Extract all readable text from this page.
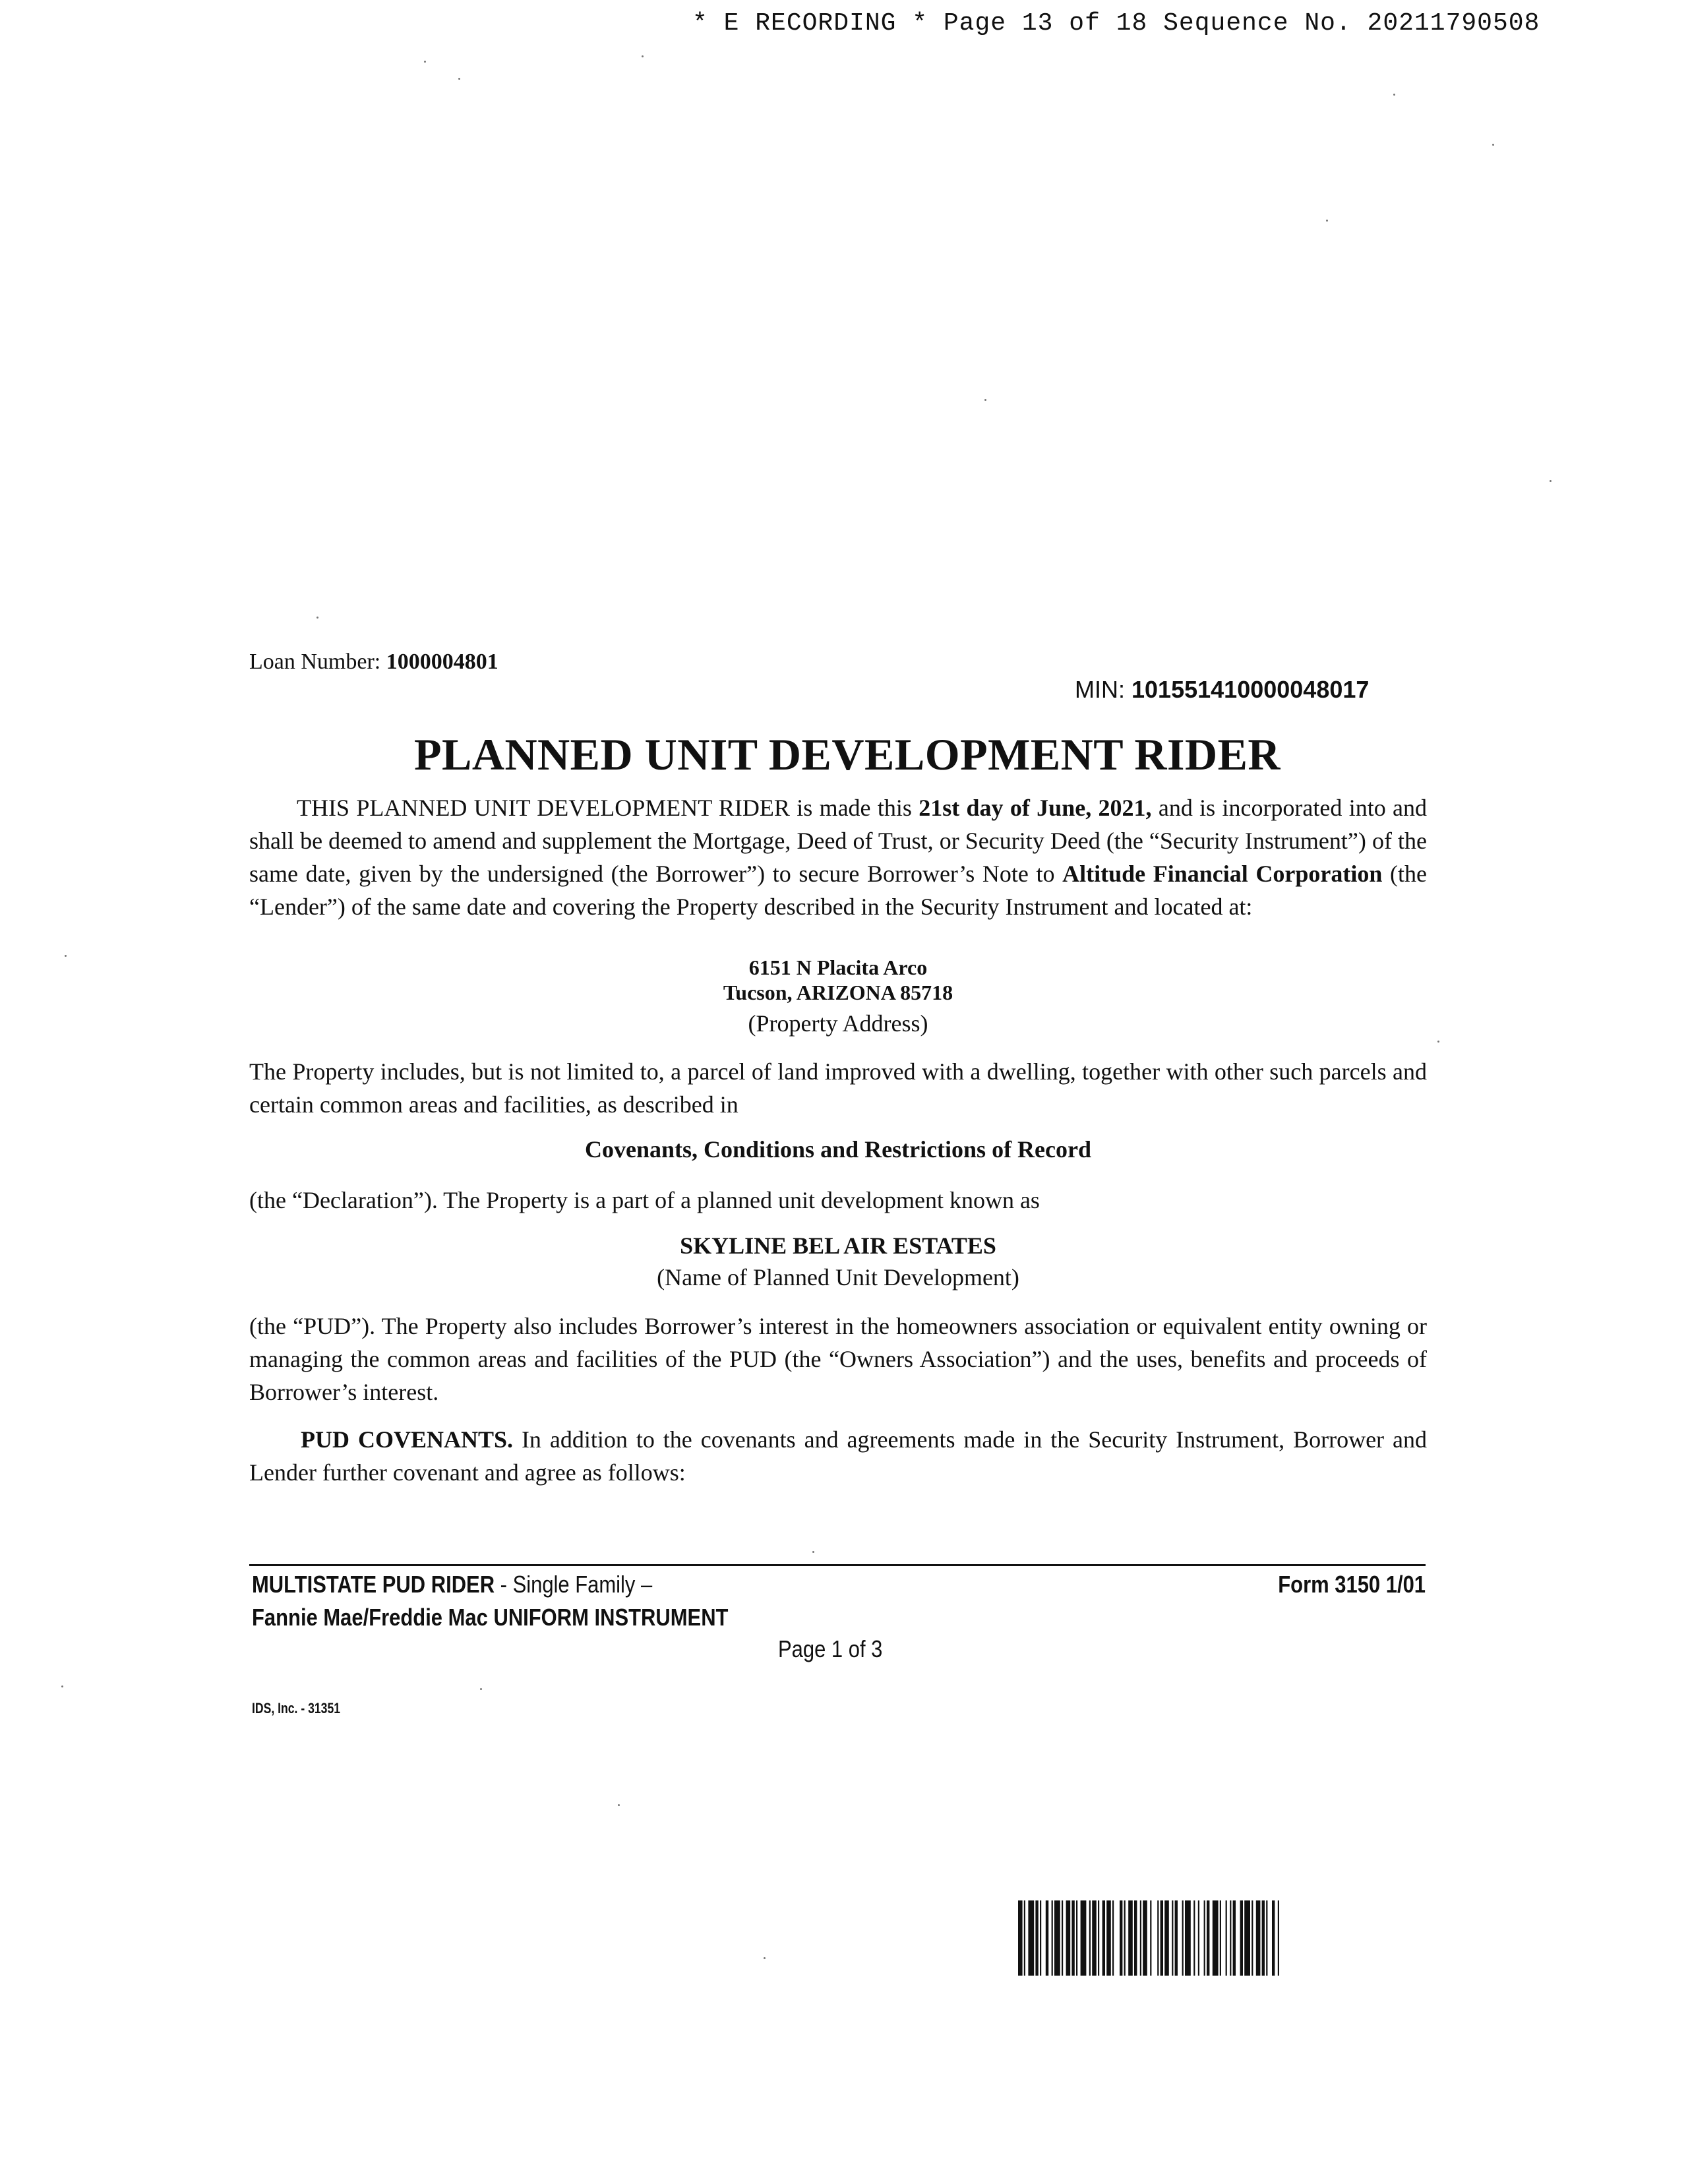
* E RECORDING * Page 13 of 18 Sequence No. 20211790508
Loan Number: 1000004801
MIN: 101551410000048017
PLANNED UNIT DEVELOPMENT RIDER
THIS PLANNED UNIT DEVELOPMENT RIDER is made this 21st day of June, 2021, and is incorporated into and shall be deemed to amend and supplement the Mortgage, Deed of Trust, or Security Deed (the “Security Instrument”) of the same date, given by the undersigned (the Borrower”) to secure Borrower’s Note to Altitude Financial Corporation (the “Lender”) of the same date and covering the Property described in the Security Instrument and located at:
6151 N Placita Arco
Tucson, ARIZONA 85718
(Property Address)
The Property includes, but is not limited to, a parcel of land improved with a dwelling, together with other such parcels and certain common areas and facilities, as described in
Covenants, Conditions and Restrictions of Record
(the “Declaration”). The Property is a part of a planned unit development known as
SKYLINE BEL AIR ESTATES
(Name of Planned Unit Development)
(the “PUD”). The Property also includes Borrower’s interest in the homeowners association or equivalent entity owning or managing the common areas and facilities of the PUD (the “Owners Association”) and the uses, benefits and proceeds of Borrower’s interest.
PUD COVENANTS. In addition to the covenants and agreements made in the Security Instrument, Borrower and Lender further covenant and agree as follows:
MULTISTATE PUD RIDER - Single Family –
Fannie Mae/Freddie Mac UNIFORM INSTRUMENT
Form 3150 1/01
Page 1 of 3
IDS, Inc. - 31351
